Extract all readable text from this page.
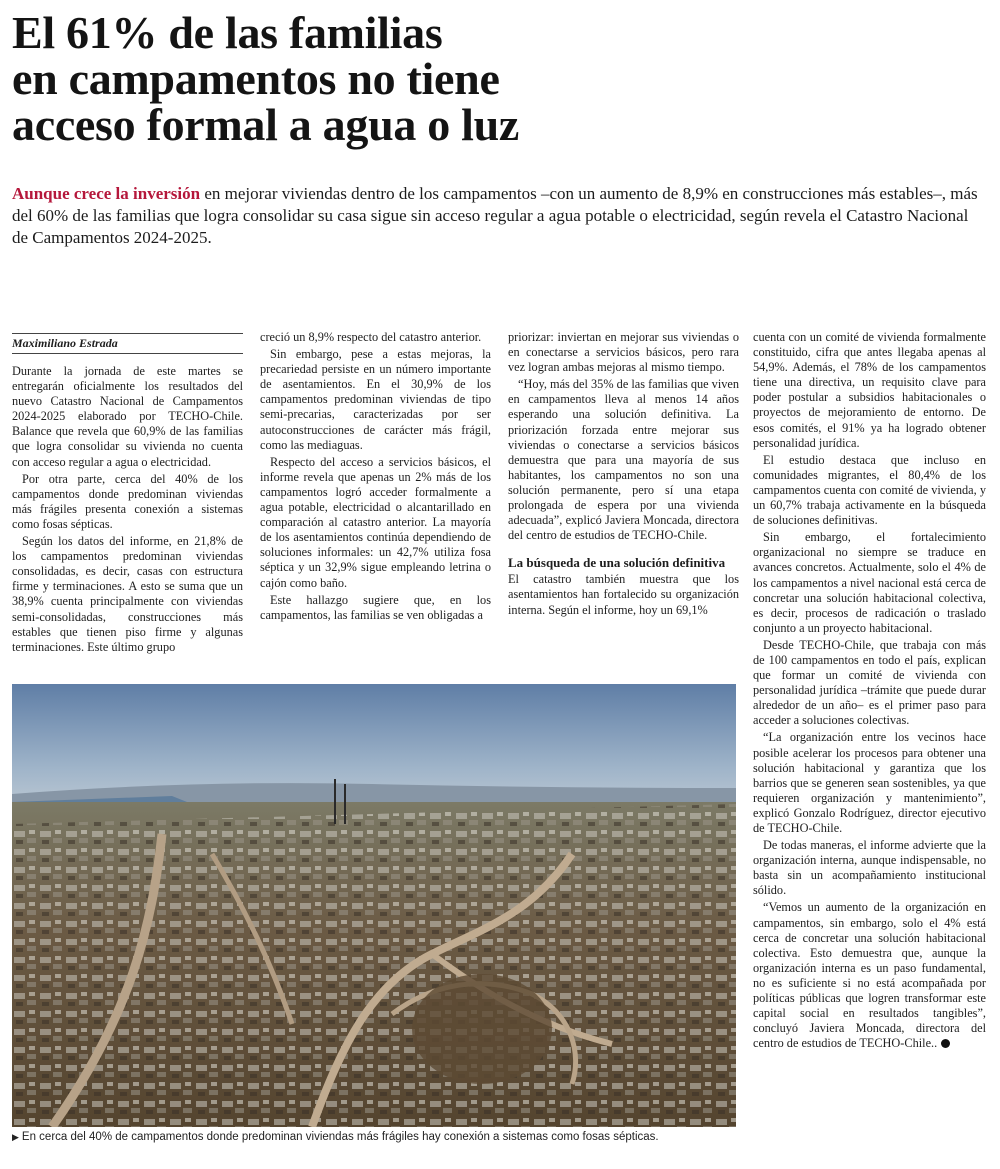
El 61% de las familias
en campamentos no tiene
acceso formal a agua o luz
Aunque crece la inversión en mejorar viviendas dentro de los campamentos –con un aumento de 8,9% en construcciones más estables–, más del 60% de las familias que logra consolidar su casa sigue sin acceso regular a agua potable o electricidad, según revela el Catastro Nacional de Campamentos 2024-2025.
Maximiliano Estrada

Durante la jornada de este martes se entregarán oficialmente los resultados del nuevo Catastro Nacional de Campamentos 2024-2025 elaborado por TECHO-Chile. Balance que revela que 60,9% de las familias que logra consolidar su vivienda no cuenta con acceso regular a agua o electricidad.

Por otra parte, cerca del 40% de los campamentos donde predominan viviendas más frágiles presenta conexión a sistemas como fosas sépticas.

Según los datos del informe, en 21,8% de los campamentos predominan viviendas consolidadas, es decir, casas con estructura firme y terminaciones. A esto se suma que un 38,9% cuenta principalmente con viviendas semi-consolidadas, construcciones más estables que tienen piso firme y algunas terminaciones. Este último grupo

creció un 8,9% respecto del catastro anterior.

Sin embargo, pese a estas mejoras, la precariedad persiste en un número importante de asentamientos. En el 30,9% de los campamentos predominan viviendas de tipo semi-precarias, caracterizadas por ser autoconstrucciones de carácter más frágil, como las mediaguas.

Respecto del acceso a servicios básicos, el informe revela que apenas un 2% más de los campamentos logró acceder formalmente a agua potable, electricidad o alcantarillado en comparación al catastro anterior. La mayoría de los asentamientos continúa dependiendo de soluciones informales: un 42,7% utiliza fosa séptica y un 32,9% sigue empleando letrina o cajón como baño.

Este hallazgo sugiere que, en los campamentos, las familias se ven obligadas a

priorizar: inviertan en mejorar sus viviendas o en conectarse a servicios básicos, pero rara vez logran ambas mejoras al mismo tiempo.

“Hoy, más del 35% de las familias que viven en campamentos lleva al menos 14 años esperando una solución definitiva. La priorización forzada entre mejorar sus viviendas o conectarse a servicios básicos demuestra que para una mayoría de sus habitantes, los campamentos no son una solución permanente, pero sí una etapa prolongada de espera por una vivienda adecuada”, explicó Javiera Moncada, directora del centro de estudios de TECHO-Chile.

La búsqueda de una solución definitiva

El catastro también muestra que los asentamientos han fortalecido su organización interna. Según el informe, hoy un 69,1%

cuenta con un comité de vivienda formalmente constituido, cifra que antes llegaba apenas al 54,9%. Además, el 78% de los campamentos tiene una directiva, un requisito clave para poder postular a subsidios habitacionales o proyectos de mejoramiento de entorno. De esos comités, el 91% ya ha logrado obtener personalidad jurídica.

El estudio destaca que incluso en comunidades migrantes, el 80,4% de los campamentos cuenta con comité de vivienda, y un 60,7% trabaja activamente en la búsqueda de soluciones definitivas.

Sin embargo, el fortalecimiento organizacional no siempre se traduce en avances concretos. Actualmente, solo el 4% de los campamentos a nivel nacional está cerca de concretar una solución habitacional colectiva, es decir, procesos de radicación o traslado conjunto a un proyecto habitacional.

Desde TECHO-Chile, que trabaja con más de 100 campamentos en todo el país, explican que formar un comité de vivienda con personalidad jurídica –trámite que puede durar alrededor de un año– es el primer paso para acceder a soluciones colectivas.

“La organización entre los vecinos hace posible acelerar los procesos para obtener una solución habitacional y garantiza que los barrios que se generen sean sostenibles, ya que requieren organización y mantenimiento”, explicó Gonzalo Rodríguez, director ejecutivo de TECHO-Chile.

De todas maneras, el informe advierte que la organización interna, aunque indispensable, no basta sin un acompañamiento institucional sólido.

“Vemos un aumento de la organización en campamentos, sin embargo, solo el 4% está cerca de concretar una solución habitacional colectiva. Esto demuestra que, aunque la organización interna es un paso fundamental, no es suficiente si no está acompañada por políticas públicas que logren transformar este capital social en resultados tangibles”, concluyó Javiera Moncada, directora del centro de estudios de TECHO-Chile..

▶ En cerca del 40% de campamentos donde predominan viviendas más frágiles hay conexión a sistemas como fosas sépticas.
